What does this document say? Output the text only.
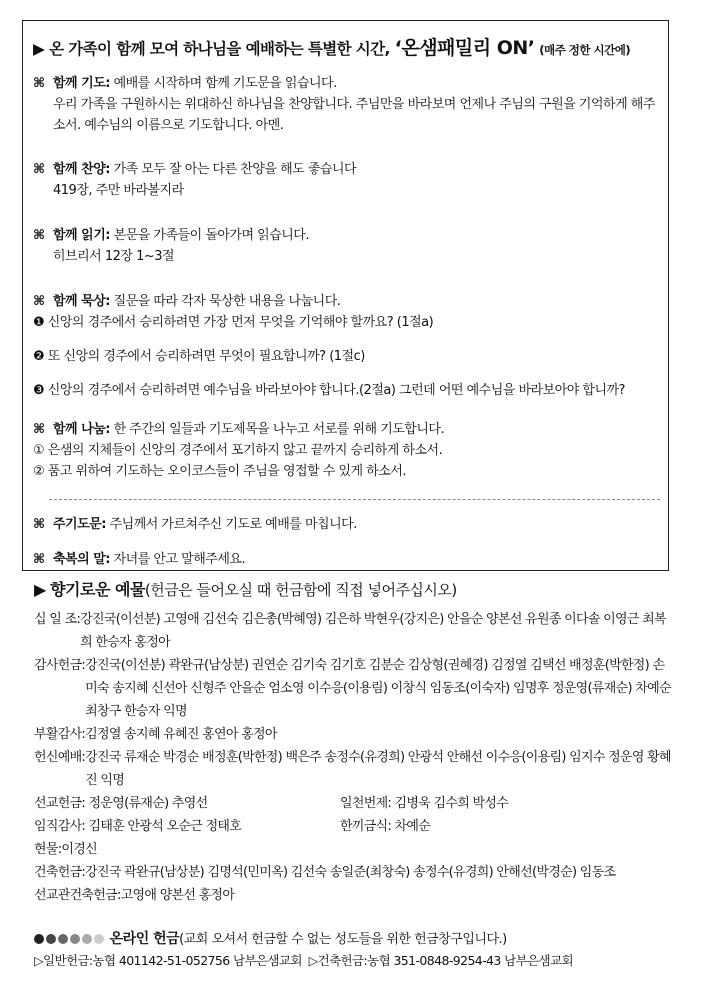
▶ 온 가족이 함께 모여 하나님을 예배하는 특별한 시간, ‘온샘패밀리 ON’ (매주 정한 시간에)
⌘ 함께 기도: 예배를 시작하며 함께 기도문을 읽습니다.
우리 가족을 구원하시는 위대하신 하나님을 찬양합니다. 주님만을 바라보며 언제나 주님의 구원을 기억하게 해주소서. 예수님의 이름으로 기도합니다. 아멘.
⌘ 함께 찬양: 가족 모두 잘 아는 다른 찬양을 해도 좋습니다
419장, 주만 바라볼지라
⌘ 함께 읽기: 본문을 가족들이 돌아가며 읽습니다.
히브리서 12장 1~3절
⌘ 함께 묵상: 질문을 따라 각자 묵상한 내용을 나눕니다.
❶ 신앙의 경주에서 승리하려면 가장 먼저 무엇을 기억해야 할까요? (1절a)
❷ 또 신앙의 경주에서 승리하려면 무엇이 필요합니까? (1절c)
❸ 신앙의 경주에서 승리하려면 예수님을 바라보아야 합니다.(2절a) 그런데 어떤 예수님을 바라보아야 합니까?
⌘ 함께 나눔: 한 주간의 일들과 기도제목을 나누고 서로를 위해 기도합니다.
① 은샘의 지체들이 신앙의 경주에서 포기하지 않고 끝까지 승리하게 하소서.
② 품고 위하여 기도하는 오이코스들이 주님을 영접할 수 있게 하소서.
⌘ 주기도문: 주님께서 가르쳐주신 기도로 예배를 마칩니다.
⌘ 축복의 말: 자녀를 안고 말해주세요.
▶ 향기로운 예물(헌금은 들어오실 때 헌금함에 직접 넣어주십시오)
십 일 조: 강진국(이선분) 고영애 김선숙 김은총(박혜영) 김은하 박현우(강지은) 안을순 양본선 유원종 이다솔 이영근 최복희 한승자 홍정아
감사헌금: 강진국(이선분) 곽완규(남상분) 권연순 김기숙 김기호 김분순 김상형(권혜경) 김정열 김택선 배정훈(박한정) 손미숙 송지혜 신선아 신형주 안을순 엄소영 이수응(이용림) 이창식 임동조(이숙자) 임명후 정운영(류재순) 차예순 최창구 한승자 익명
부활감사: 김정열 송지혜 유혜진 홍연아 홍정아
헌신예배: 강진국 류재순 박경순 배정훈(박한정) 백은주 송정수(유경희) 안광석 안해선 이수응(이용림) 임지수 정운영 황혜진 익명
선교헌금: 정운영(류재순) 추영선	일천번제: 김병욱 김수희 박성수
임직감사: 김태훈 안광석 오순근 정태호	한끼금식: 차예순
현물: 이경신
건축헌금: 강진국 곽완규(남상분) 김명석(민미옥) 김선숙 송일준(최창숙) 송정수(유경희) 안해선(박경순) 임동조
선교관건축헌금: 고영애 양본선 홍정아
온라인 헌금(교회 오셔서 헌금할 수 없는 성도들을 위한 헌금창구입니다.)
▷일반헌금:농협 401142-51-052756 남부은샘교회 ▷건축헌금:농협 351-0848-9254-43 남부은샘교회
